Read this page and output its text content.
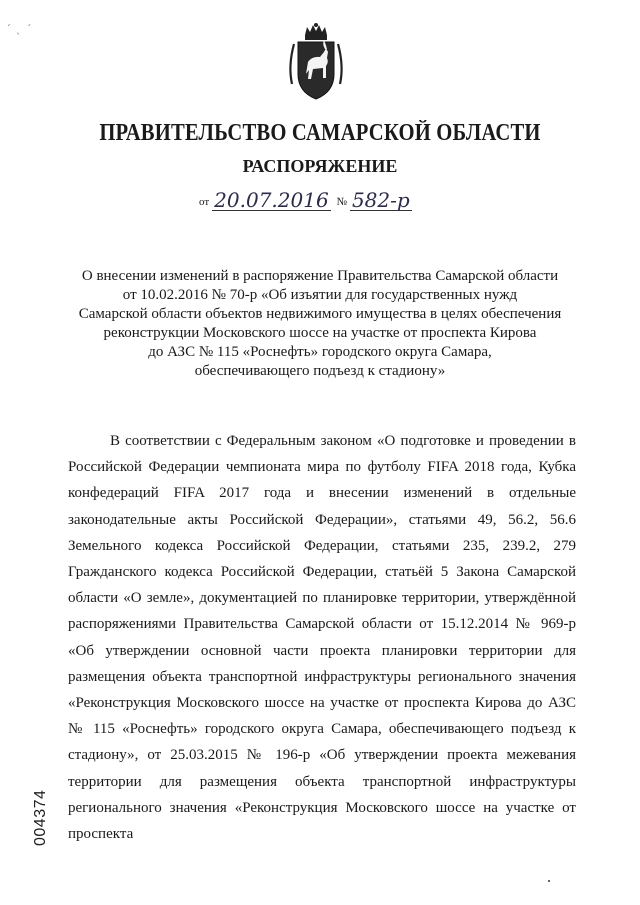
ˊ ˎ ˊ
ПРАВИТЕЛЬСТВО САМАРСКОЙ ОБЛАСТИ
РАСПОРЯЖЕНИЕ
от 20.07.2016 № 582-р

О внесении изменений в распоряжение Правительства Самарской области

от 10.02.2016 № 70-р «Об изъятии для государственных нужд

Самарской области объектов недвижимого имущества в целях обеспечения

реконструкции Московского шоссе на участке от проспекта Кирова

до АЗС № 115 «Роснефть» городского округа Самара,

обеспечивающего подъезд к стадиону»

В соответствии с Федеральным законом «О подготовке и проведении в Российской Федерации чемпионата мира по футболу FIFA 2018 года, Кубка конфедераций FIFA 2017 года и внесении изменений в отдельные законодательные акты Российской Федерации», статьями 49, 56.2, 56.6 Земельного кодекса Российской Федерации, статьями 235, 239.2, 279 Гражданского кодекса Российской Федерации, статьёй 5 Закона Самарской области «О земле», документацией по планировке территории, утверждённой распоряжениями Правительства Самарской области от 15.12.2014 № 969-р «Об утверждении основной части проекта планировки территории для размещения объекта транспортной инфраструктуры регионального значения «Реконструкция Московского шоссе на участке от проспекта Кирова до АЗС № 115 «Роснефть» городского округа Самара, обеспечивающего подъезд к стадиону», от 25.03.2015 № 196-р «Об утверждении проекта межевания территории для размещения объекта транспортной инфраструктуры регионального значения «Реконструкция Московского шоссе на участке от проспекта

004374
